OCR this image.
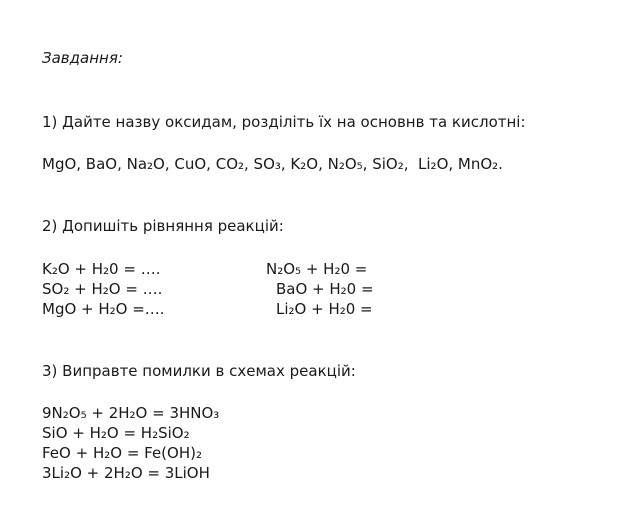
Завдання:
1) Дайте назву оксидам, розділіть їх на основнв та кислотні:
MgO, BaO, Na₂O, CuO, CO₂, SO₃, K₂O, N₂O₅, SiO₂,  Li₂O, MnO₂.
2) Допишіть рівняння реакцій:
K₂O + H₂0 = ….
SO₂ + H₂O = ….
MgO + H₂O =….
N₂O₅ + H₂0 =
BaO + H₂0 =
Li₂O + H₂0 =
3) Виправте помилки в схемах реакцій:
9N₂O₅ + 2H₂O = 3HNO₃
SiO + H₂O = H₂SiO₂
FeO + H₂O = Fe(OH)₂
3Li₂O + 2H₂O = 3LiOH
